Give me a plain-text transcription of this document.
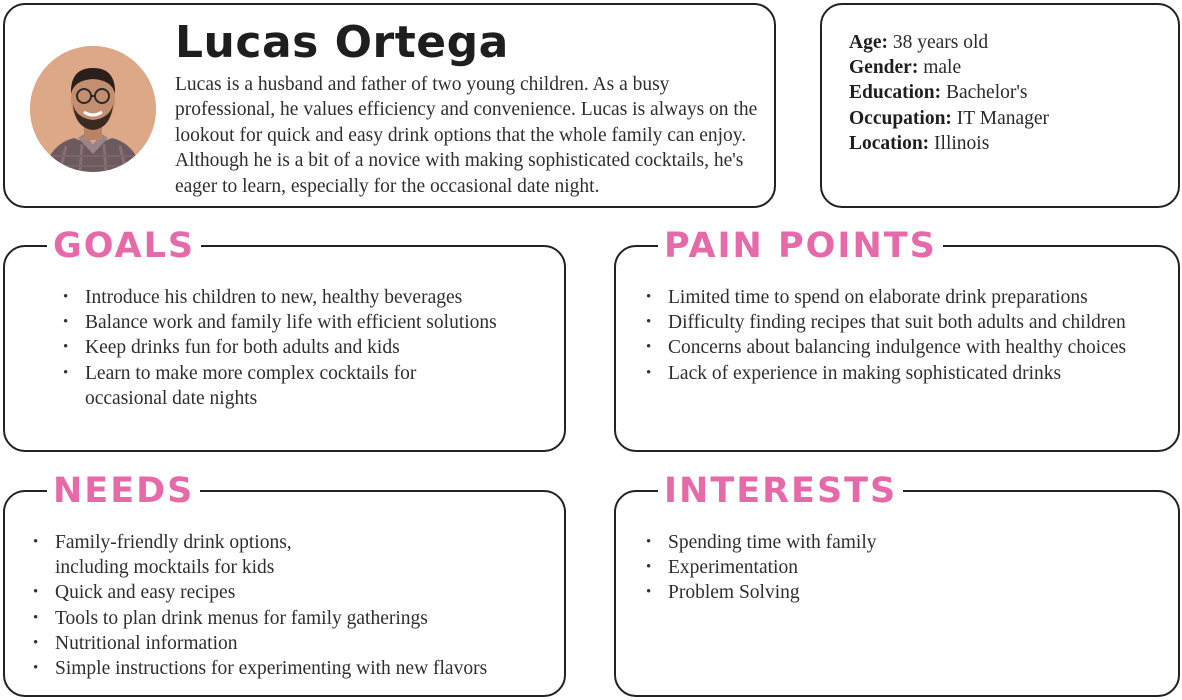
Lucas Ortega
Lucas is a husband and father of two young children. As a busy professional, he values efficiency and convenience. Lucas is always on the lookout for quick and easy drink options that the whole family can enjoy. Although he is a bit of a novice with making sophisticated cocktails, he's eager to learn, especially for the occasional date night.
Age: 38 years old
Gender: male
Education: Bachelor's
Occupation: IT Manager
Location: Illinois
GOALS
• Introduce his children to new, healthy beverages
• Balance work and family life with efficient solutions
• Keep drinks fun for both adults and kids
• Learn to make more complex cocktails for occasional date nights
PAIN POINTS
• Limited time to spend on elaborate drink preparations
• Difficulty finding recipes that suit both adults and children
• Concerns about balancing indulgence with healthy choices
• Lack of experience in making sophisticated drinks
NEEDS
• Family-friendly drink options, including mocktails for kids
• Quick and easy recipes
• Tools to plan drink menus for family gatherings
• Nutritional information
• Simple instructions for experimenting with new flavors
INTERESTS
• Spending time with family
• Experimentation
• Problem Solving
